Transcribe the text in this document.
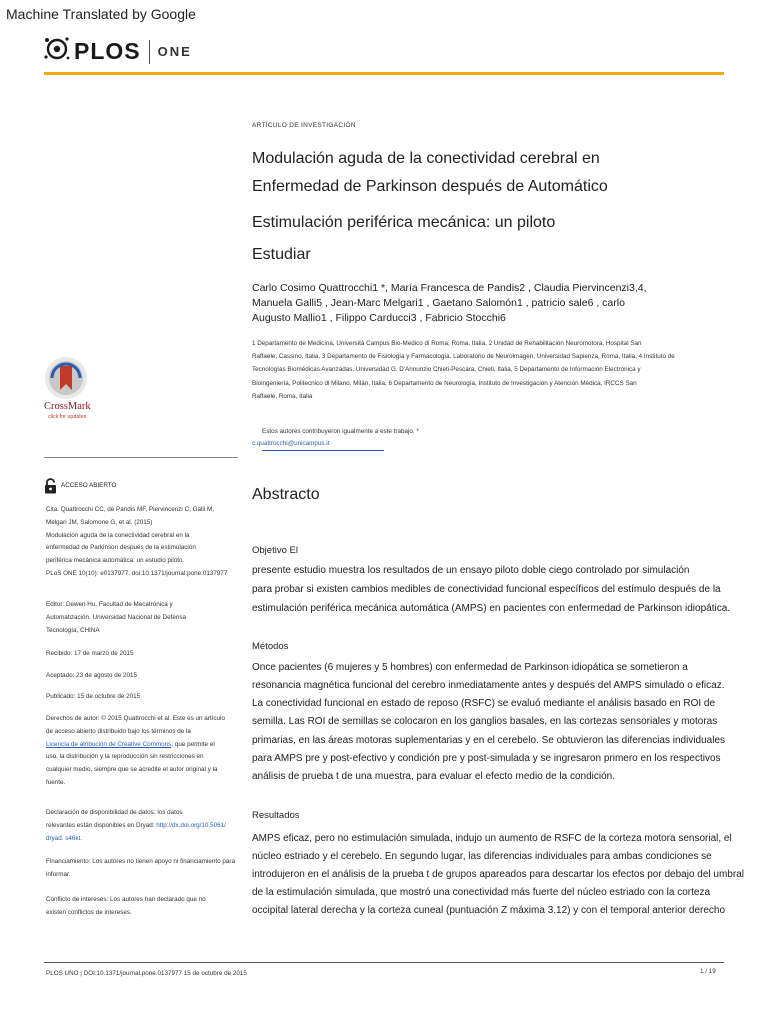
Machine Translated by Google
PLOS ONE
ARTÍCULO DE INVESTIGACIÓN
Modulación aguda de la conectividad cerebral en
Enfermedad de Parkinson después de Automático
Estimulación periférica mecánica: un piloto
Estudiar
Carlo Cosimo Quattrocchi1 *, María Francesca de Pandis2 , Claudia Piervincenzi3,4,
Manuela Galli5 , Jean-Marc Melgari1 , Gaetano Salomón1 , patricio sale6 , carlo
Augusto Mallio1 , Filippo Carducci3 , Fabricio Stocchi6
1 Departamento de Medicina, Università Campus Bio-Medico di Roma, Roma, Italia, 2 Unidad de Rehabilitación Neuromotora, Hospital San
Raffaele, Cassino, Italia, 3 Departamento de Fisiología y Farmacología, Laboratorio de Neuroimagen, Universidad Sapienza, Roma, Italia, 4 Instituto de
Tecnologías Biomédicas Avanzadas, Universidad G. D'Annunzio Chieti-Pescara, Chieti, Italia, 5 Departamento de Información Electrónica y
Bioingeniería, Politecnico di Milano, Milán, Italia, 6 Departamento de Neurología, Instituto de Investigación y Atención Médica, IRCCS San
Raffaele, Roma, Italia
Estos autores contribuyeron igualmente a este trabajo. *
c.quattrocchi@unicampus.it
CrossMark
click for updates
ACCESO ABIERTO
Cita: Quattrocchi CC, de Pandis MF, Piervincenzi C, Galli M,
Melgari JM, Salomone G, et al. (2015)
Modulación aguda de la conectividad cerebral en la
enfermedad de Parkinson después de la estimulación
periférica mecánica automática: un estudio piloto.
PLoS ONE 10(10): e0137977. doi:10.1371/journal.pone.0137977
Editor: Dewen Hu, Facultad de Mecatrónica y
Automatización, Universidad Nacional de Defensa
Tecnología, CHINA
Recibido: 17 de marzo de 2015
Aceptado: 23 de agosto de 2015
Publicado: 15 de octubre de 2015
Derechos de autor: © 2015 Quattrocchi et al. Este es un artículo
de acceso abierto distribuido bajo los términos de la
Licencia de atribución de Creative Commons, que permite el
uso, la distribución y la reproducción sin restricciones en
cualquier medio, siempre que se acredite el autor original y la
fuente.
Declaración de disponibilidad de datos: los datos
relevantes están disponibles en Dryad: http://dx.doi.org/10.5061/
dryad. s46kt.
Financiamiento: Los autores no tienen apoyo ni financiamiento para
informar.
Conflicto de intereses: Los autores han declarado que no
existen conflictos de intereses.
Abstracto
Objetivo El
presente estudio muestra los resultados de un ensayo piloto doble ciego controlado por simulación
para probar si existen cambios medibles de conectividad funcional específicos del estímulo después de la
estimulación periférica mecánica automática (AMPS) en pacientes con enfermedad de Parkinson idiopática.
Métodos
Once pacientes (6 mujeres y 5 hombres) con enfermedad de Parkinson idiopática se sometieron a
resonancia magnética funcional del cerebro inmediatamente antes y después del AMPS simulado o eficaz.
La conectividad funcional en estado de reposo (RSFC) se evaluó mediante el análisis basado en ROI de
semilla. Las ROI de semillas se colocaron en los ganglios basales, en las cortezas sensoriales y motoras
primarias, en las áreas motoras suplementarias y en el cerebelo. Se obtuvieron las diferencias individuales
para AMPS pre y post-efectivo y condición pre y post-simulada y se ingresaron primero en los respectivos
análisis de prueba t de una muestra, para evaluar el efecto medio de la condición.
Resultados
AMPS eficaz, pero no estimulación simulada, indujo un aumento de RSFC de la corteza motora sensorial, el
núcleo estriado y el cerebelo. En segundo lugar, las diferencias individuales para ambas condiciones se
introdujeron en el análisis de la prueba t de grupos apareados para descartar los efectos por debajo del umbral
de la estimulación simulada, que mostró una conectividad más fuerte del núcleo estriado con la corteza
occipital lateral derecha y la corteza cuneal (puntuación Z máxima 3.12) y con el temporal anterior derecho
PLOS UNO | DOI:10.1371/journal.pone.0137977 15 de octubre de 2015	1 / 19
